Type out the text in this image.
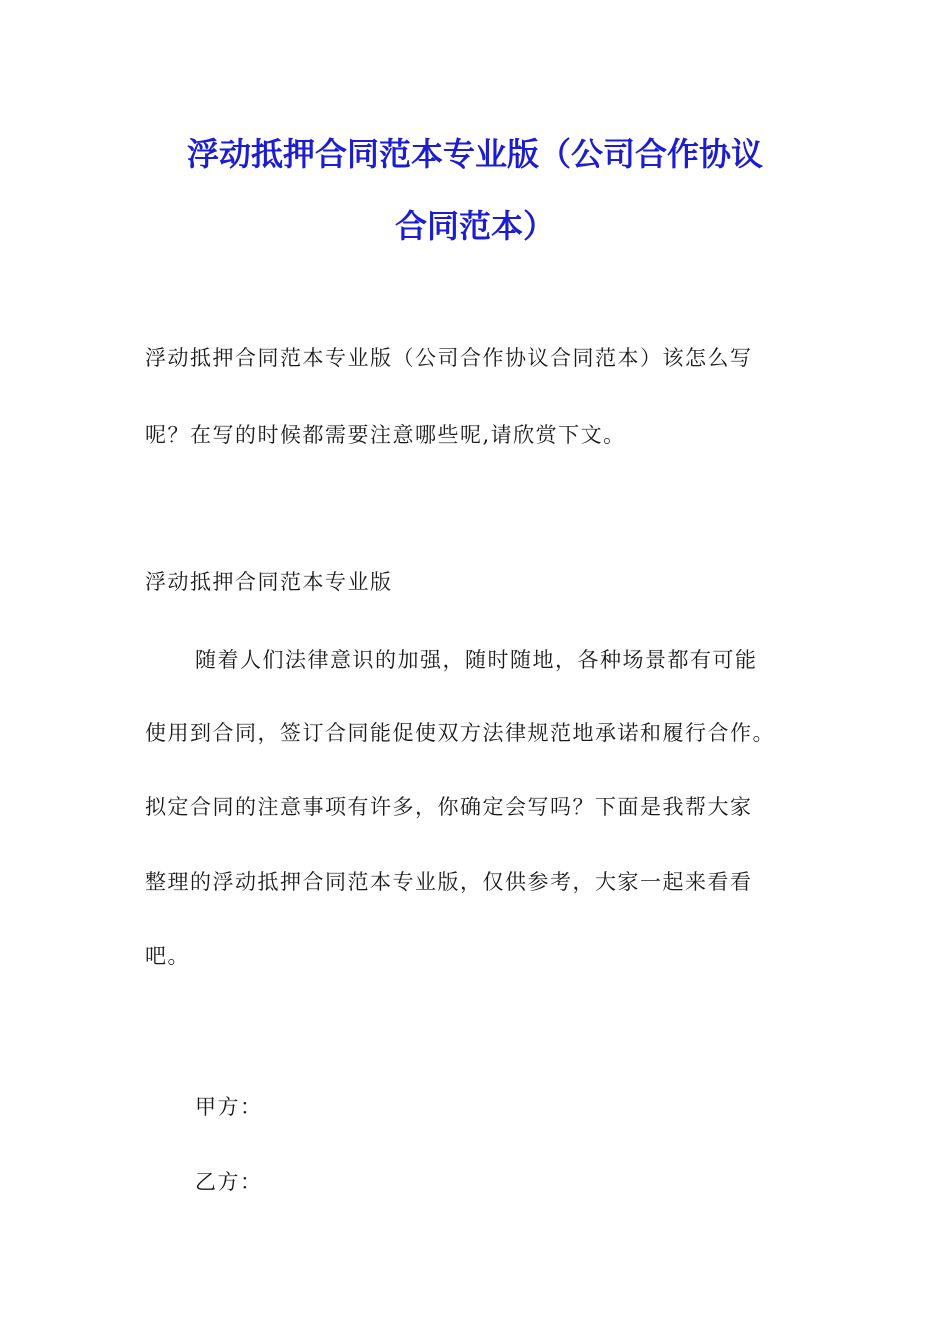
浮动抵押合同范本专业版（公司合作协议
合同范本）
浮动抵押合同范本专业版（公司合作协议合同范本）该怎么写
呢？在写的时候都需要注意哪些呢,请欣赏下文。
浮动抵押合同范本专业版
随着人们法律意识的加强，随时随地，各种场景都有可能
使用到合同，签订合同能促使双方法律规范地承诺和履行合作。
拟定合同的注意事项有许多，你确定会写吗？下面是我帮大家
整理的浮动抵押合同范本专业版，仅供参考，大家一起来看看
吧。
甲方：
乙方：
